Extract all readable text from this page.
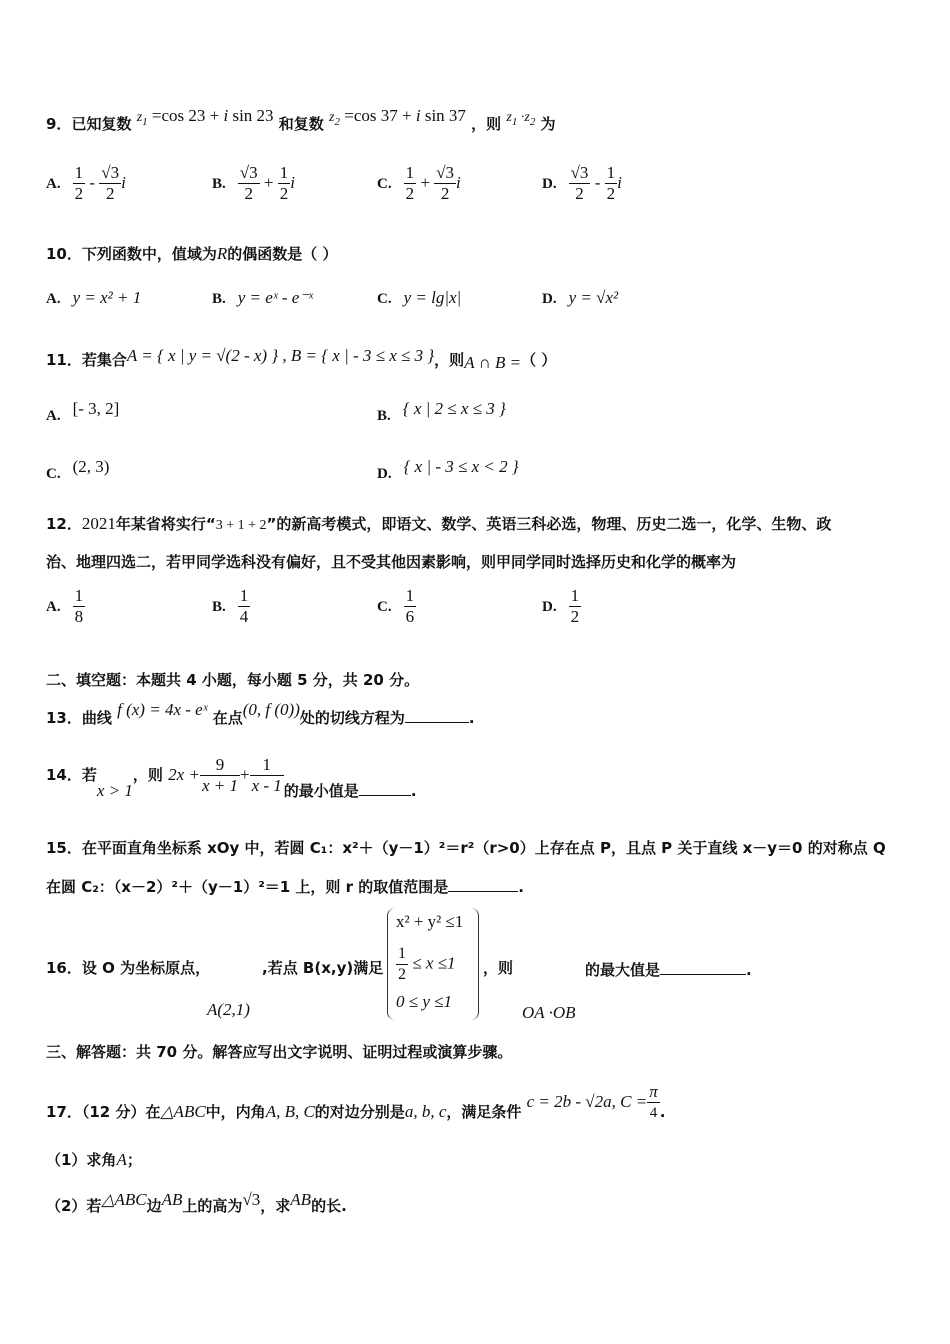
9．已知复数 $z_1 =\cos$ 23 + i sin 23 和复数 $z_2 =\cos$ 37 + i sin 37 ，则 $z_1 \cdot z_2$ 为
A. $\frac{1}{2} - \frac{√3}{2}$ i	B. $\frac{√3}{2} + \frac{1}{2}$ i	C. $\frac{1}{2} + \frac{√3}{2}$ i	D. $\frac{√3}{2} - \frac{1}{2}$ i
10．下列函数中，值域为R的偶函数是（ ）
A. y = x² + 1	B. y = eˣ - e⁻ˣ	C. y = lg|x|	D. y = √x²
11．若集合A = { x | y = √(2 - x) } , B = { x | - 3 ≤ x ≤ 3 }，则A ∩ B =（ ）
A. [- 3, 2]	B. { x | 2 ≤ x ≤ 3 }
C. (2, 3)	D. { x | - 3 ≤ x < 2 }
12．2021年某省将实行“3 + 1 + 2”的新高考模式，即语文、数学、英语三科必选，物理、历史二选一，化学、生物、政
治、地理四选二，若甲同学选科没有偏好，且不受其他因素影响，则甲同学同时选择历史和化学的概率为
A. $\frac{1}{8}$	B. $\frac{1}{4}$	C. $\frac{1}{6}$	D. $\frac{1}{2}$
二、填空题：本题共 4 小题，每小题 5 分，共 20 分。
13．曲线 f (x) = 4x - eˣ 在点(0, f (0))处的切线方程为	.
14．若x > 1，则 $2x + \frac{9}{x + 1} + \frac{1}{x - 1}$ 的最小值是	.
15．在平面直角坐标系 xOy 中，若圆 C₁：x²＋（y－1）²＝r²（r>0）上存在点 P，且点 P 关于直线 x－y＝0 的对称点 Q
在圆 C₂：（x－2）²＋（y－1）²＝1 上，则 r 的取值范围是	.
16．设 O 为坐标原点，	,若点 B(x,y)满足
x² + y² ≤1
$\frac{1}{2} \le x \le 1$
0 ≤ y ≤1
，则	的最大值是	.
A(2,1)	OA ·OB
三、解答题：共 70 分。解答应写出文字说明、证明过程或演算步骤。
17．（12 分）在△ABC中，内角A, B, C的对边分别是a, b, c，满足条件 c = 2b - √2a, $C = \frac{\pi}{4}$ .
（1）求角A；
（2）若△ABC边AB上的高为√3，求AB的长.
